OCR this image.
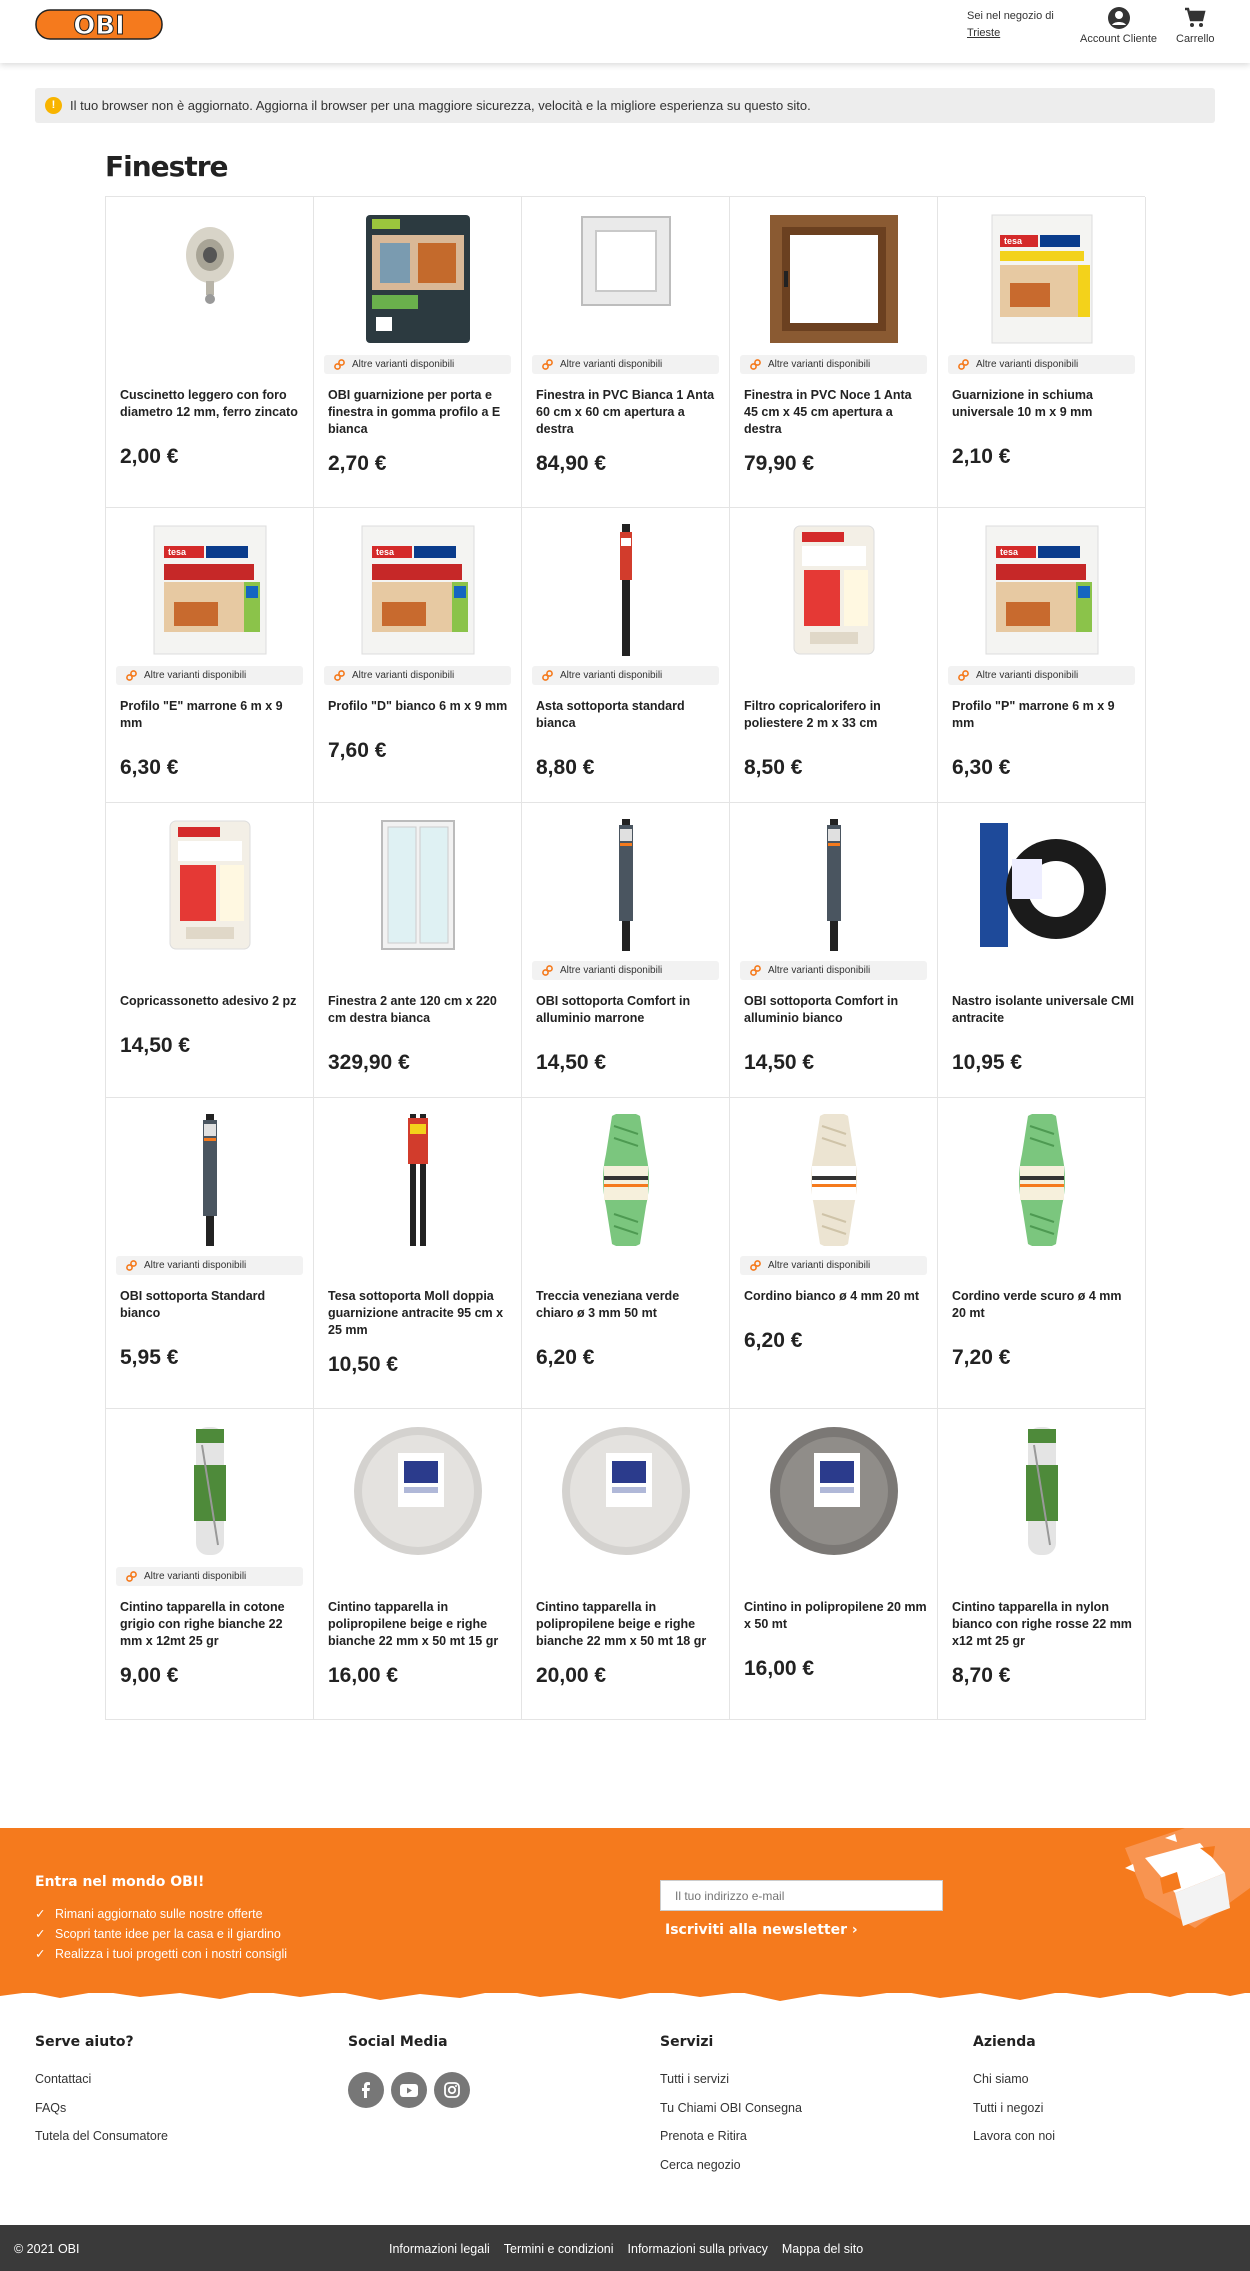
OBI	Sei nel negozio di
Trieste	Account Cliente Carrello
!	Il tuo browser non è aggiornato. Aggiorna il browser per una maggiore sicurezza, velocità e la migliore esperienza su questo sito.
Finestre
Cuscinetto leggero con foro diametro 12 mm, ferro zincato
2,00 €
Altre varianti disponibili
OBI guarnizione per porta e finestra in gomma profilo a E bianca
2,70 €
Altre varianti disponibili
Finestra in PVC Bianca 1 Anta 60 cm x 60 cm apertura a destra
84,90 €
Altre varianti disponibili
Finestra in PVC Noce 1 Anta 45 cm x 45 cm apertura a destra
79,90 €
tesa
Altre varianti disponibili
Guarnizione in schiuma universale 10 m x 9 mm
2,10 €
tesa
Altre varianti disponibili
Profilo "E" marrone 6 m x 9 mm
6,30 €
tesa
Altre varianti disponibili
Profilo "D" bianco 6 m x 9 mm
7,60 €
Altre varianti disponibili
Asta sottoporta standard bianca
8,80 €
Filtro copricalorifero in poliestere 2 m x 33 cm
8,50 €
tesa
Altre varianti disponibili
Profilo "P" marrone 6 m x 9 mm
6,30 €
Copricassonetto adesivo 2 pz
14,50 €
Finestra 2 ante 120 cm x 220 cm destra bianca
329,90 €
Altre varianti disponibili
OBI sottoporta Comfort in alluminio marrone
14,50 €
Altre varianti disponibili
OBI sottoporta Comfort in alluminio bianco
14,50 €
Nastro isolante universale CMI antracite
10,95 €
Altre varianti disponibili
OBI sottoporta Standard bianco
5,95 €
Tesa sottoporta Moll doppia guarnizione antracite 95 cm x 25 mm
10,50 €
Treccia veneziana verde chiaro ø 3 mm 50 mt
6,20 €
Altre varianti disponibili
Cordino bianco ø 4 mm 20 mt
6,20 €
Cordino verde scuro ø 4 mm 20 mt
7,20 €
Altre varianti disponibili
Cintino tapparella in cotone grigio con righe bianche 22 mm x 12mt 25 gr
9,00 €
Cintino tapparella in polipropilene beige e righe bianche 22 mm x 50 mt 15 gr
16,00 €
Cintino tapparella in polipropilene beige e righe bianche 22 mm x 50 mt 18 gr
20,00 €
Cintino in polipropilene 20 mm x 50 mt
16,00 €
Cintino tapparella in nylon bianco con righe rosse 22 mm x12 mt 25 gr
8,70 €
Entra nel mondo OBI!
✓ Rimani aggiornato sulle nostre offerte
✓ Scopri tante idee per la casa e il giardino
✓ Realizza i tuoi progetti con i nostri consigli
Il tuo indirizzo e-mail
Iscriviti alla newsletter ›
Serve aiuto?
Contattaci
FAQs
Tutela del Consumatore
Social Media	Servizi
Tutti i servizi
Tu Chiami OBI Consegna
Prenota e Ritira
Cerca negozio
Azienda
Chi siamo
Tutti i negozi
Lavora con noi
© 2021 OBI	Informazioni legali Termini e condizioni Informazioni sulla privacy Mappa del sito
